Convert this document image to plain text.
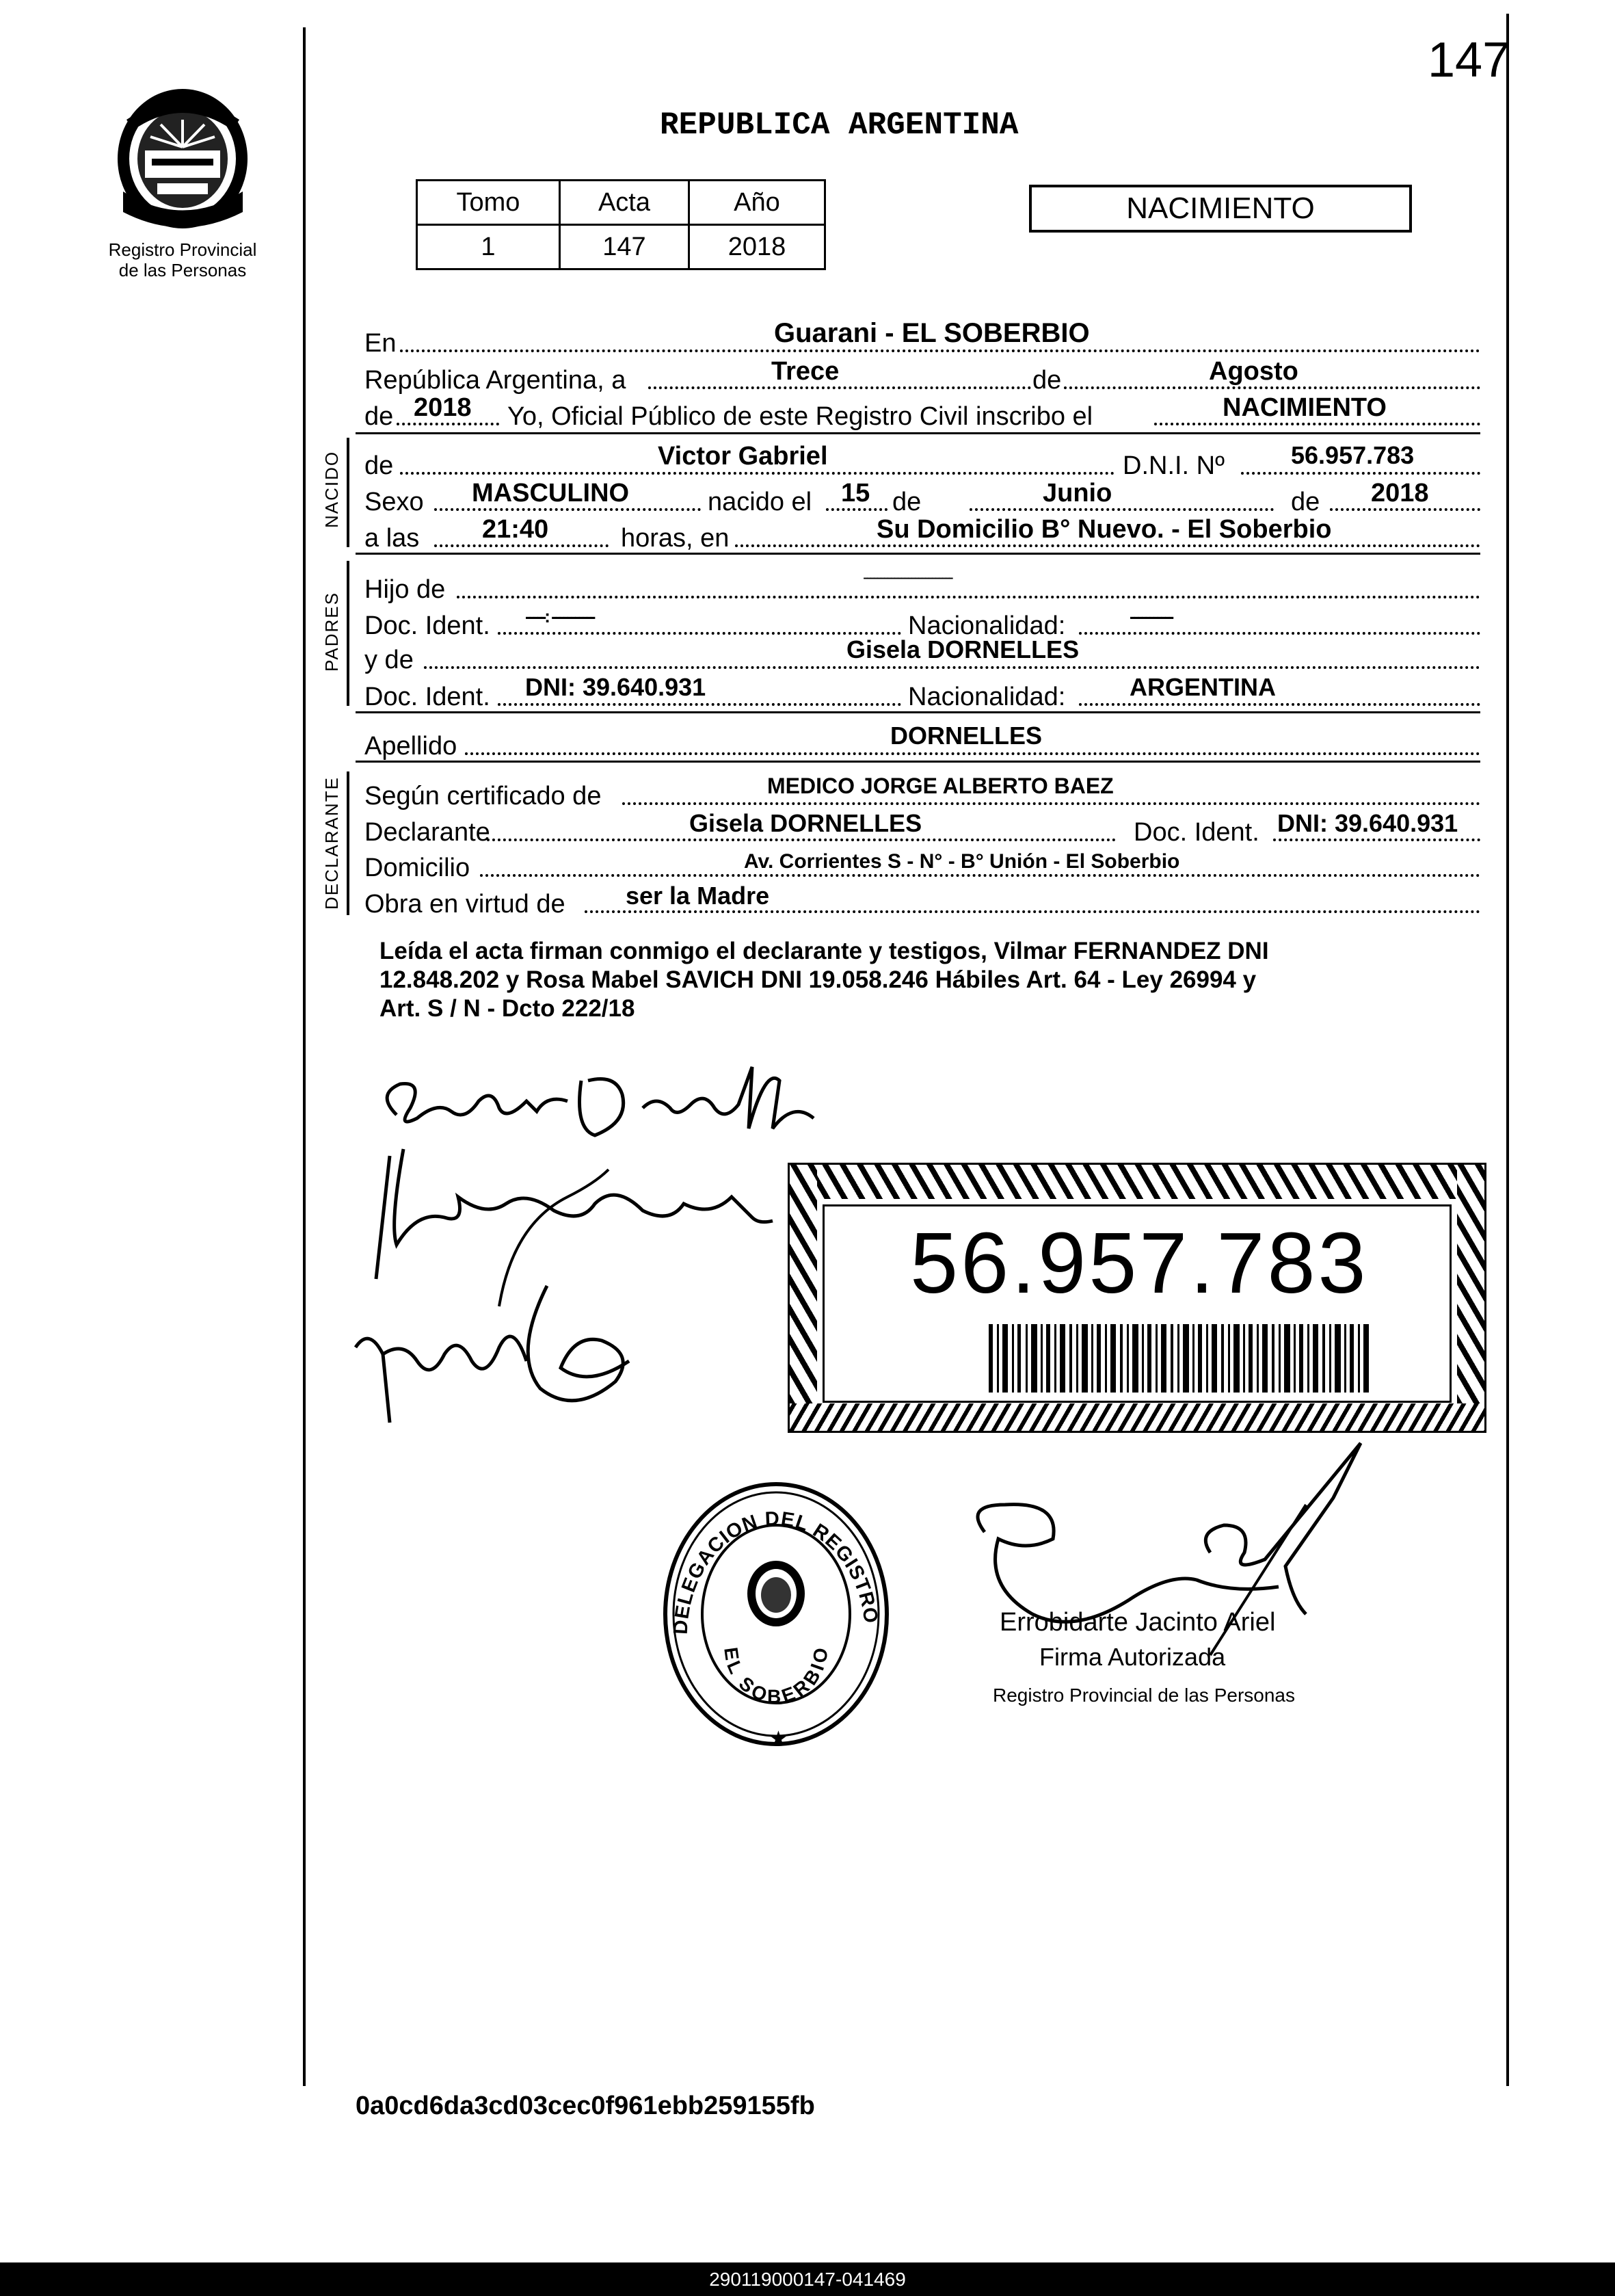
147
Registro Provincial
de las Personas
REPUBLICA ARGENTINA
Tomo	Acta	Año
1	147	2018
NACIMIENTO
En	Guarani - EL SOBERBIO
República Argentina, a	Trece	de	Agosto
de 2018 Yo, Oficial Público de este Registro Civil inscribo el	NACIMIENTO
NACIDO de	Victor Gabriel	D.N.I. Nº	56.957.783
Sexo MASCULINO	nacido el 15 de	Junio	de 2018
a las 21:40	horas, en	Su Domicilio B° Nuevo. - El Soberbio
PADRES
Hijo de	--------------------------
Doc. Ident. -----: -----------	Nacionalidad:	-----------
y de	Gisela DORNELLES
Doc. Ident. DNI: 39.640.931	Nacionalidad:	ARGENTINA
Apellido	DORNELLES
DECLARANTE Según certificado de	MEDICO JORGE ALBERTO BAEZ
Declarante	Gisela DORNELLES	Doc. Ident. DNI: 39.640.931
Domicilio	Av. Corrientes S - N° - B° Unión - El Soberbio
Obra en virtud de ser la Madre
Leída el acta firman conmigo el declarante y testigos, Vilmar FERNANDEZ DNI
12.848.202 y Rosa Mabel SAVICH DNI 19.058.246 Hábiles Art. 64 - Ley 26994 y
Art. S / N - Dcto 222/18
56.957.783
DELEGACION DEL REGISTRO
EL SOBERBIO
★
Errobidarte Jacinto Ariel
Firma Autorizada
Registro Provincial de las Personas
0a0cd6da3cd03cec0f961ebb259155fb
290119000147-041469
